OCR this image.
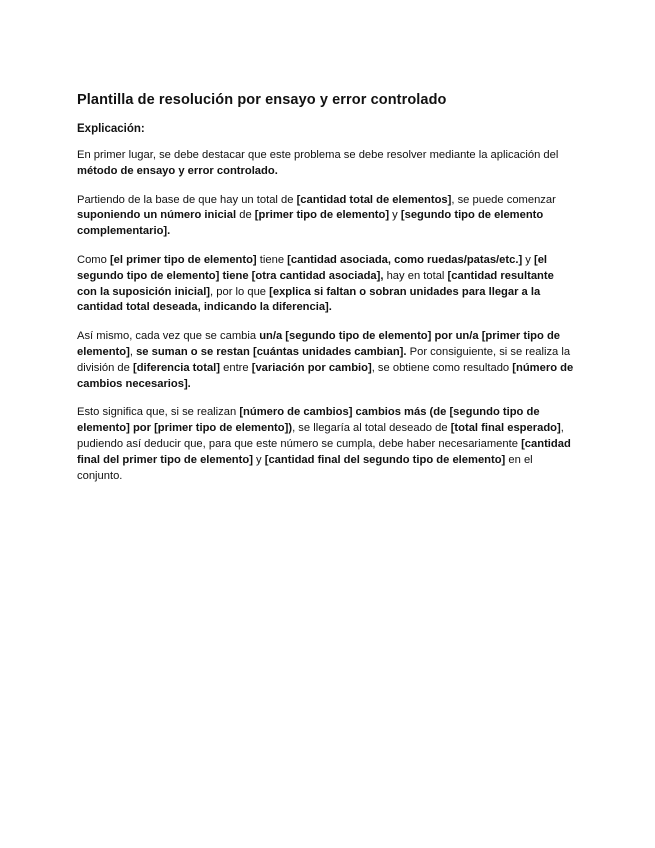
Plantilla de resolución por ensayo y error controlado
Explicación:

En primer lugar, se debe destacar que este problema se debe resolver mediante la aplicación del método de ensayo y error controlado.

Partiendo de la base de que hay un total de [cantidad total de elementos], se puede comenzar suponiendo un número inicial de [primer tipo de elemento] y [segundo tipo de elemento complementario].

Como [el primer tipo de elemento] tiene [cantidad asociada, como ruedas/patas/etc.] y [el segundo tipo de elemento] tiene [otra cantidad asociada], hay en total [cantidad resultante con la suposición inicial], por lo que [explica si faltan o sobran unidades para llegar a la cantidad total deseada, indicando la diferencia].

Así mismo, cada vez que se cambia un/a [segundo tipo de elemento] por un/a [primer tipo de elemento], se suman o se restan [cuántas unidades cambian]. Por consiguiente, si se realiza la división de [diferencia total] entre [variación por cambio], se obtiene como resultado [número de cambios necesarios].

Esto significa que, si se realizan [número de cambios] cambios más (de [segundo tipo de elemento] por [primer tipo de elemento]), se llegaría al total deseado de [total final esperado], pudiendo así deducir que, para que este número se cumpla, debe haber necesariamente [cantidad final del primer tipo de elemento] y [cantidad final del segundo tipo de elemento] en el conjunto.
